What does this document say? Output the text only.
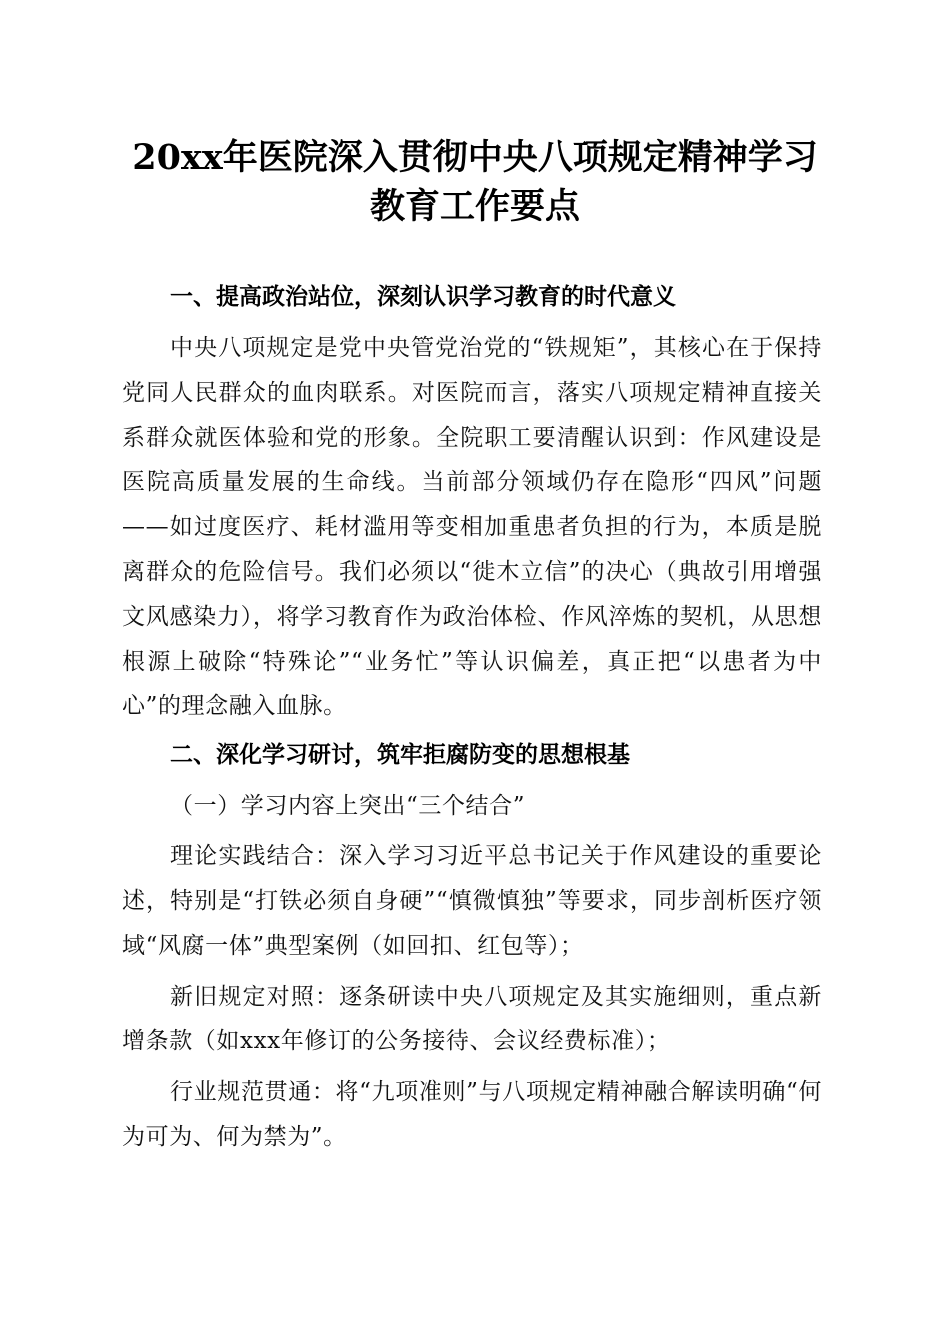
20xx年医院深入贯彻中央八项规定精神学习
教育工作要点

一、提高政治站位，深刻认识学习教育的时代意义

中央八项规定是党中央管党治党的“铁规矩”，其核心在于保持党同人民群众的血肉联系。对医院而言，落实八项规定精神直接关系群众就医体验和党的形象。全院职工要清醒认识到：作风建设是医院高质量发展的生命线。当前部分领域仍存在隐形“四风”问题——如过度医疗、耗材滥用等变相加重患者负担的行为，本质是脱离群众的危险信号。我们必须以“徙木立信”的决心（典故引用增强文风感染力），将学习教育作为政治体检、作风淬炼的契机，从思想根源上破除“特殊论”“业务忙”等认识偏差，真正把“以患者为中心”的理念融入血脉。

二、深化学习研讨，筑牢拒腐防变的思想根基

（一）学习内容上突出“三个结合”

理论实践结合：深入学习习近平总书记关于作风建设的重要论述，特别是“打铁必须自身硬”“慎微慎独”等要求，同步剖析医疗领域“风腐一体”典型案例（如回扣、红包等）；

新旧规定对照：逐条研读中央八项规定及其实施细则，重点新增条款（如xxx年修订的公务接待、会议经费标准）；

行业规范贯通：将“九项准则”与八项规定精神融合解读明确“何为可为、何为禁为”。
